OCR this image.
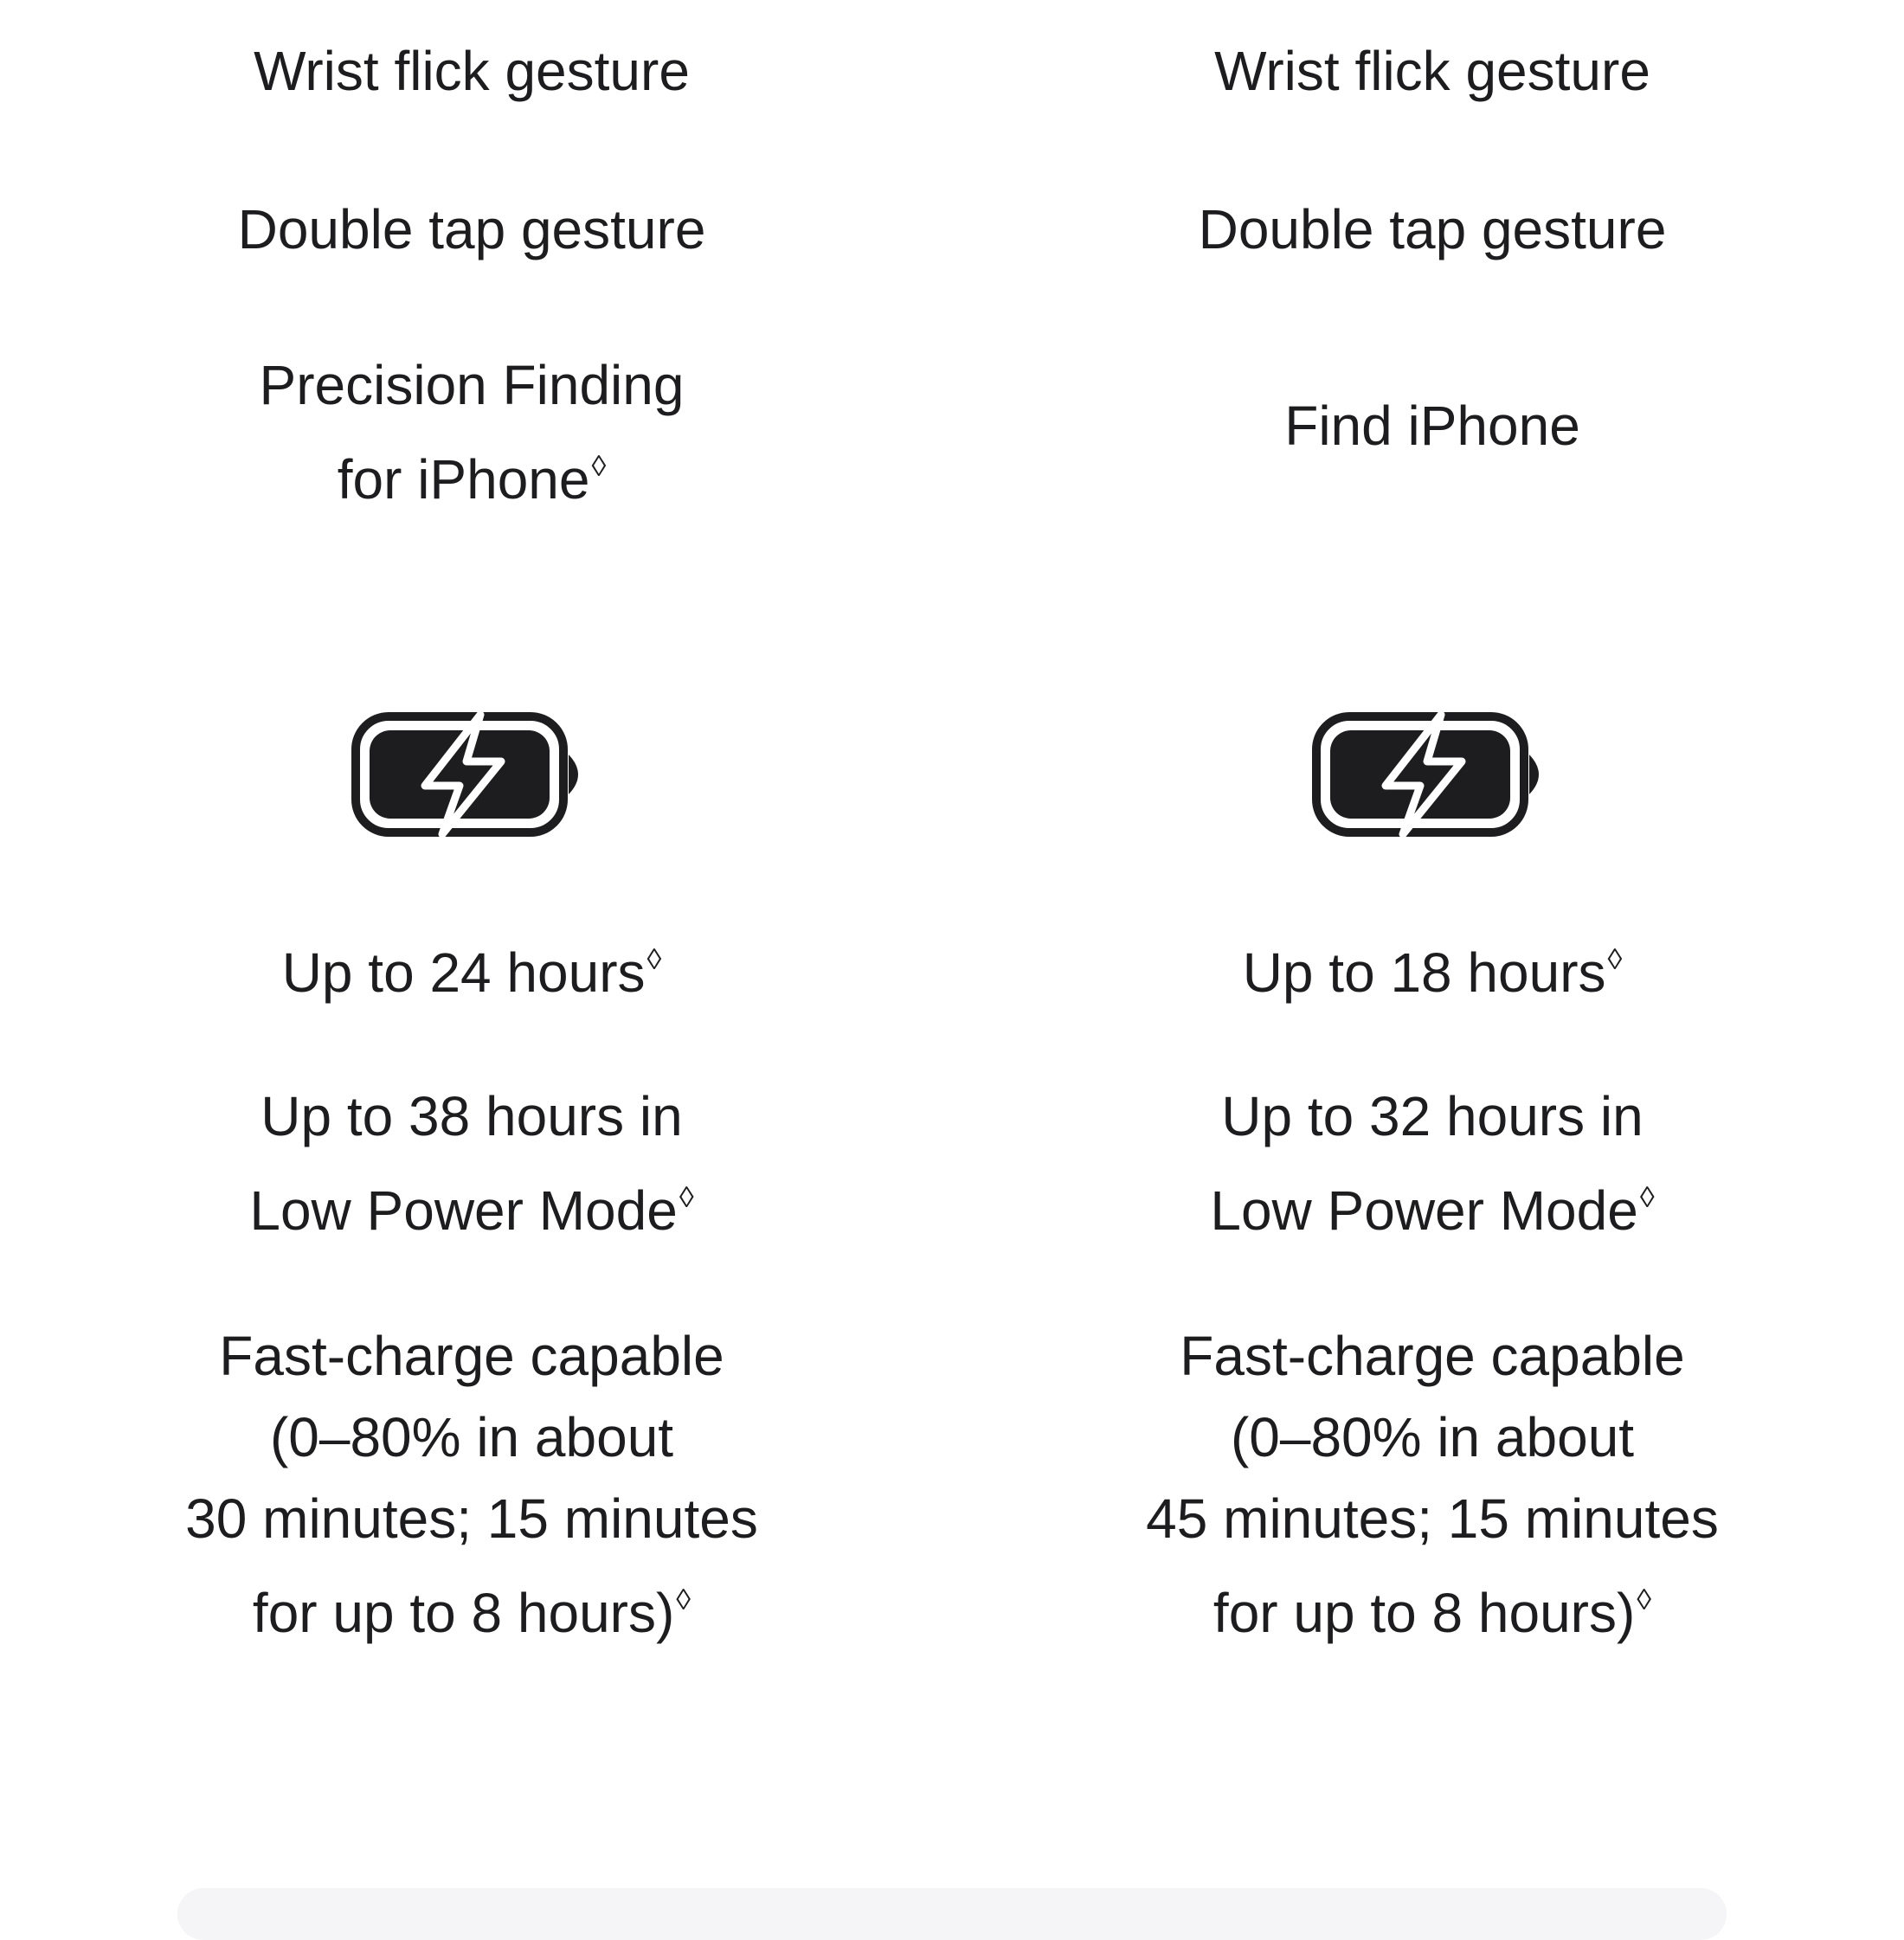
Wrist flick gesture
Double tap gesture
Precision Finding
for iPhone◊
Up to 24 hours◊
Up to 38 hours in
Low Power Mode◊
Fast-charge capable
(0–80% in about
30 minutes; 15 minutes
for up to 8 hours)◊
Wrist flick gesture
Double tap gesture
Find iPhone
Up to 18 hours◊
Up to 32 hours in
Low Power Mode◊
Fast-charge capable
(0–80% in about
45 minutes; 15 minutes
for up to 8 hours)◊
